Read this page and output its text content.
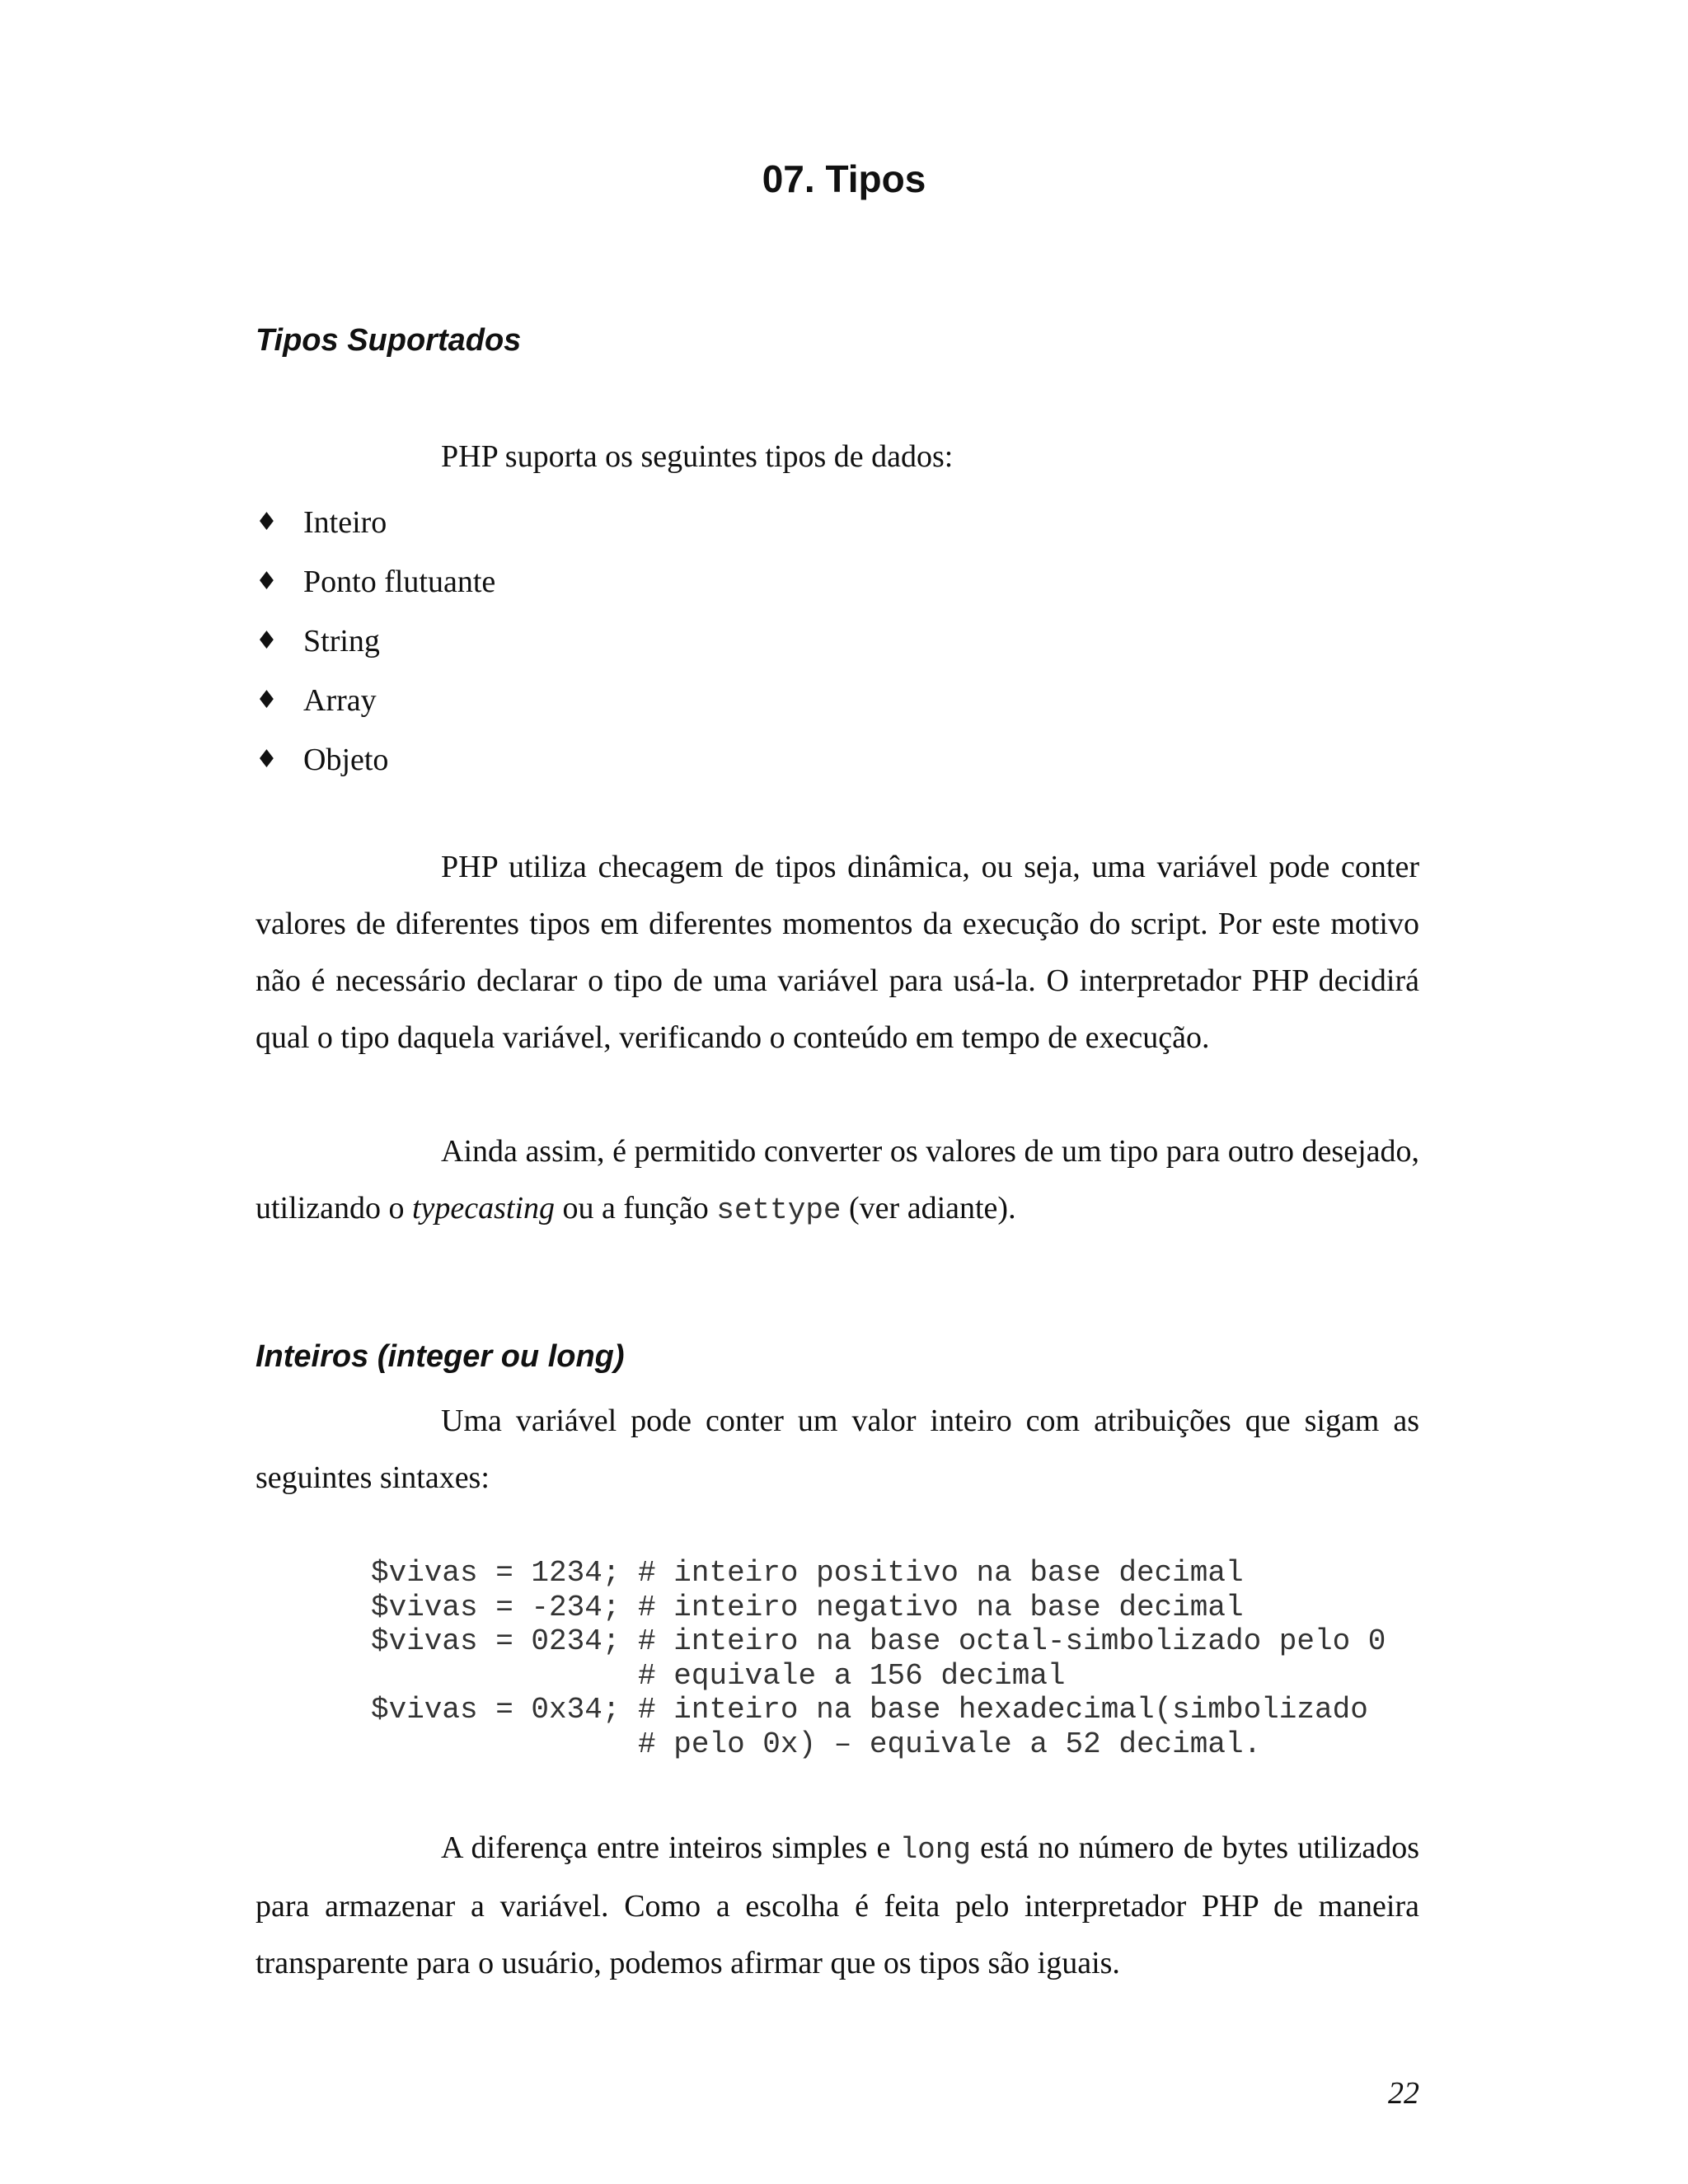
07. Tipos
Tipos Suportados

PHP suporta os seguintes tipos de dados:

♦ Inteiro
♦ Ponto flutuante
♦ String
♦ Array
♦ Objeto

PHP utiliza checagem de tipos dinâmica, ou seja, uma variável pode conter valores de diferentes tipos em diferentes momentos da execução do script. Por este motivo não é necessário declarar o tipo de uma variável para usá-la. O interpretador PHP decidirá qual o tipo daquela variável, verificando o conteúdo em tempo de execução.

Ainda assim, é permitido converter os valores de um tipo para outro desejado, utilizando o typecasting ou a função settype (ver adiante).

Inteiros (integer ou long)

Uma variável pode conter um valor inteiro com atribuições que sigam as seguintes sintaxes:

$vivas = 1234; # inteiro positivo na base decimal
$vivas = -234; # inteiro negativo na base decimal
$vivas = 0234; # inteiro na base octal-simbolizado pelo 0
# equivale a 156 decimal
$vivas = 0x34; # inteiro na base hexadecimal(simbolizado
# pelo 0x) – equivale a 52 decimal.

A diferença entre inteiros simples e long está no número de bytes utilizados para armazenar a variável. Como a escolha é feita pelo interpretador PHP de maneira transparente para o usuário, podemos afirmar que os tipos são iguais.

22
